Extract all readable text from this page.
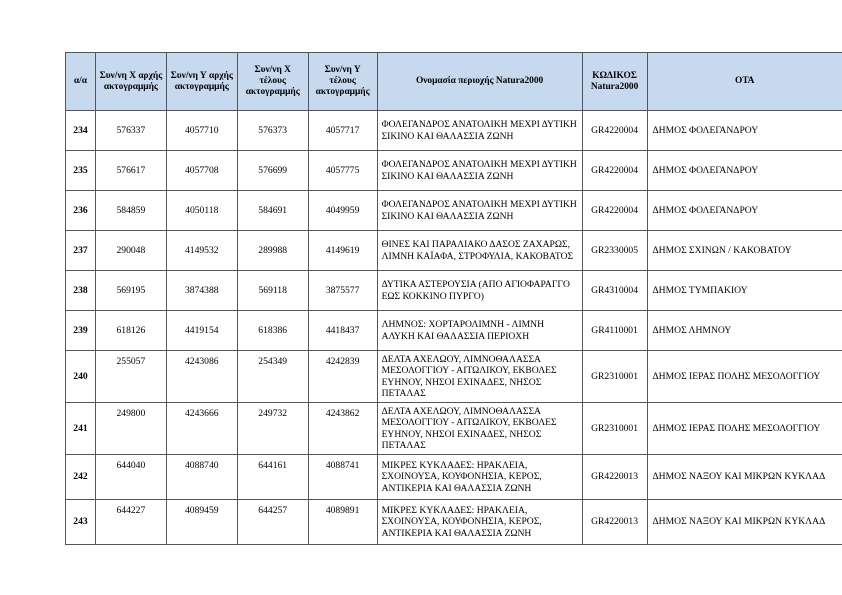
α/α	Συν/νη Χ αρχής ακτογραμμής	Συν/νη Υ αρχής ακτογραμμής	Συν/νη Χ τέλους ακτογραμμής	Συν/νη Υ τέλους ακτογραμμής	Ονομασία περιοχής Natura2000	ΚΩΔΙΚΟΣ Natura2000	ΟΤΑ
234	576337	4057710	576373	4057717	ΦΟΛΕΓΑΝΔΡΟΣ ΑΝΑΤΟΛΙΚΗ ΜΕΧΡΙ ΔΥΤΙΚΗ ΣΙΚΙΝΟ ΚΑΙ ΘΑΛΑΣΣΙΑ ΖΩΝΗ	GR4220004	ΔΗΜΟΣ ΦΟΛΕΓΑΝΔΡΟΥ
235	576617	4057708	576699	4057775	ΦΟΛΕΓΑΝΔΡΟΣ ΑΝΑΤΟΛΙΚΗ ΜΕΧΡΙ ΔΥΤΙΚΗ ΣΙΚΙΝΟ ΚΑΙ ΘΑΛΑΣΣΙΑ ΖΩΝΗ	GR4220004	ΔΗΜΟΣ ΦΟΛΕΓΑΝΔΡΟΥ
236	584859	4050118	584691	4049959	ΦΟΛΕΓΑΝΔΡΟΣ ΑΝΑΤΟΛΙΚΗ ΜΕΧΡΙ ΔΥΤΙΚΗ ΣΙΚΙΝΟ ΚΑΙ ΘΑΛΑΣΣΙΑ ΖΩΝΗ	GR4220004	ΔΗΜΟΣ ΦΟΛΕΓΑΝΔΡΟΥ
237	290048	4149532	289988	4149619	ΘΙΝΕΣ ΚΑΙ ΠΑΡΑΛΙΑΚΟ ΔΑΣΟΣ ΖΑΧΑΡΩΣ, ΛΙΜΝΗ ΚΑΪΑΦΑ, ΣΤΡΟΦΥΛΙΑ, ΚΑΚΟΒΑΤΟΣ	GR2330005	ΔΗΜΟΣ ΣΧΙΝΩΝ / ΚΑΚΟΒΑΤΟΥ
238	569195	3874388	569118	3875577	ΔΥΤΙΚΑ ΑΣΤΕΡΟΥΣΙΑ (ΑΠΟ ΑΓΙΟΦΑΡΑΓΓΟ ΕΩΣ ΚΟΚΚΙΝΟ ΠΥΡΓΟ)	GR4310004	ΔΗΜΟΣ ΤΥΜΠΑΚΙΟΥ
239	618126	4419154	618386	4418437	ΛΗΜΝΟΣ: ΧΟΡΤΑΡΟΛΙΜΝΗ - ΛΙΜΝΗ ΑΛΥΚΗ ΚΑΙ ΘΑΛΑΣΣΙΑ ΠΕΡΙΟΧΗ	GR4110001	ΔΗΜΟΣ ΛΗΜΝΟΥ
240	255057	4243086	254349	4242839	ΔΕΛΤΑ ΑΧΕΛΩΟΥ, ΛΙΜΝΟΘΑΛΑΣΣΑ ΜΕΣΟΛΟΓΓΙΟΥ - ΑΙΤΩΛΙΚΟΥ, ΕΚΒΟΛΕΣ ΕΥΗΝΟΥ, ΝΗΣΟΙ ΕΧΙΝΑΔΕΣ, ΝΗΣΟΣ ΠΕΤΑΛΑΣ	GR2310001	ΔΗΜΟΣ ΙΕΡΑΣ ΠΟΛΗΣ ΜΕΣΟΛΟΓΓΙΟΥ
241	249800	4243666	249732	4243862	ΔΕΛΤΑ ΑΧΕΛΩΟΥ, ΛΙΜΝΟΘΑΛΑΣΣΑ ΜΕΣΟΛΟΓΓΙΟΥ - ΑΙΤΩΛΙΚΟΥ, ΕΚΒΟΛΕΣ ΕΥΗΝΟΥ, ΝΗΣΟΙ ΕΧΙΝΑΔΕΣ, ΝΗΣΟΣ ΠΕΤΑΛΑΣ	GR2310001	ΔΗΜΟΣ ΙΕΡΑΣ ΠΟΛΗΣ ΜΕΣΟΛΟΓΓΙΟΥ
242	644040	4088740	644161	4088741	ΜΙΚΡΕΣ ΚΥΚΛΑΔΕΣ: ΗΡΑΚΛΕΙΑ, ΣΧΟΙΝΟΥΣΑ, ΚΟΥΦΟΝΗΣΙΑ, ΚΕΡΟΣ, ΑΝΤΙΚΕΡΙΑ ΚΑΙ ΘΑΛΑΣΣΙΑ ΖΩΝΗ	GR4220013	ΔΗΜΟΣ ΝΑΞΟΥ ΚΑΙ ΜΙΚΡΩΝ ΚΥΚΛΑΔ
243	644227	4089459	644257	4089891	ΜΙΚΡΕΣ ΚΥΚΛΑΔΕΣ: ΗΡΑΚΛΕΙΑ, ΣΧΟΙΝΟΥΣΑ, ΚΟΥΦΟΝΗΣΙΑ, ΚΕΡΟΣ, ΑΝΤΙΚΕΡΙΑ ΚΑΙ ΘΑΛΑΣΣΙΑ ΖΩΝΗ	GR4220013	ΔΗΜΟΣ ΝΑΞΟΥ ΚΑΙ ΜΙΚΡΩΝ ΚΥΚΛΑΔ
